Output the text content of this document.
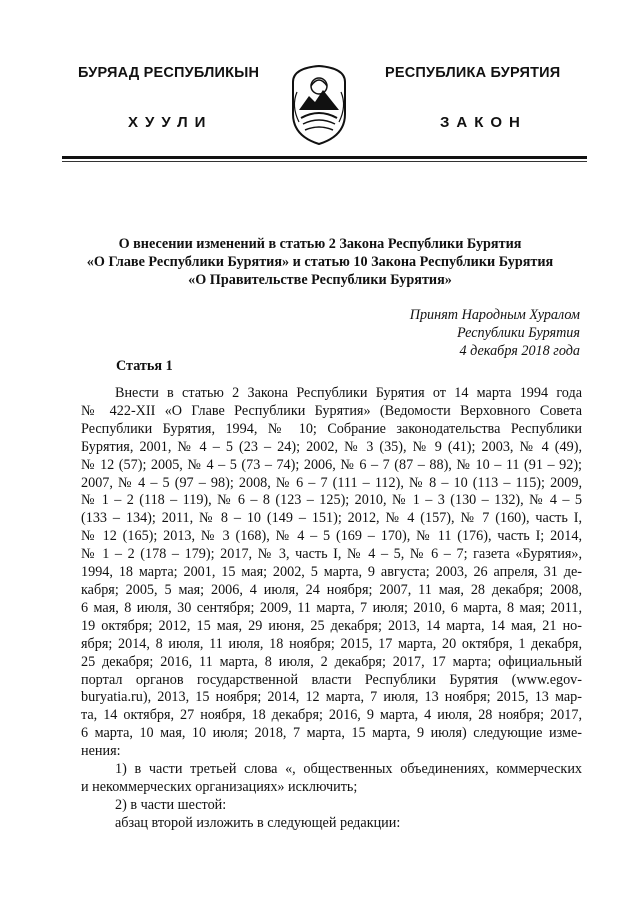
БУРЯАД РЕСПУБЛИКЫН	РЕСПУБЛИКА БУРЯТИЯ
ХУУЛИ	ЗАКОН
О внесении изменений в статью 2 Закона Республики Бурятия
«О Главе Республики Бурятия» и статью 10 Закона Республики Бурятия
«О Правительстве Республики Бурятия»
Принят Народным Хуралом
Республики Бурятия
4 декабря 2018 года
Статья 1
Внести в статью 2 Закона Республики Бурятия от 14 марта 1994 года
№ 422-XII «О Главе Республики Бурятия» (Ведомости Верховного Совета
Республики Бурятия, 1994, № 10; Собрание законодательства Республики
Бурятия, 2001, № 4 – 5 (23 – 24); 2002, № 3 (35), № 9 (41); 2003, № 4 (49),
№ 12 (57); 2005, № 4 – 5 (73 – 74); 2006, № 6 – 7 (87 – 88), № 10 – 11 (91 – 92);
2007, № 4 – 5 (97 – 98); 2008, № 6 – 7 (111 – 112), № 8 – 10 (113 – 115); 2009,
№ 1 – 2 (118 – 119), № 6 – 8 (123 – 125); 2010, № 1 – 3 (130 – 132), № 4 – 5
(133 – 134); 2011, № 8 – 10 (149 – 151); 2012, № 4 (157), № 7 (160), часть I,
№ 12 (165); 2013, № 3 (168), № 4 – 5 (169 – 170), № 11 (176), часть I; 2014,
№ 1 – 2 (178 – 179); 2017, № 3, часть I, № 4 – 5, № 6 – 7; газета «Бурятия»,
1994, 18 марта; 2001, 15 мая; 2002, 5 марта, 9 августа; 2003, 26 апреля, 31 де-
кабря; 2005, 5 мая; 2006, 4 июля, 24 ноября; 2007, 11 мая, 28 декабря; 2008,
6 мая, 8 июля, 30 сентября; 2009, 11 марта, 7 июля; 2010, 6 марта, 8 мая; 2011,
19 октября; 2012, 15 мая, 29 июня, 25 декабря; 2013, 14 марта, 14 мая, 21 но-
ября; 2014, 8 июля, 11 июля, 18 ноября; 2015, 17 марта, 20 октября, 1 декабря,
25 декабря; 2016, 11 марта, 8 июля, 2 декабря; 2017, 17 марта; официальный
портал органов государственной власти Республики Бурятия (www.egov-
buryatia.ru), 2013, 15 ноября; 2014, 12 марта, 7 июля, 13 ноября; 2015, 13 мар-
та, 14 октября, 27 ноября, 18 декабря; 2016, 9 марта, 4 июля, 28 ноября; 2017,
6 марта, 10 мая, 10 июля; 2018, 7 марта, 15 марта, 9 июля) следующие изме-
нения:
1) в части третьей слова «, общественных объединениях, коммерческих
и некоммерческих организациях» исключить;
2) в части шестой:
абзац второй изложить в следующей редакции:
